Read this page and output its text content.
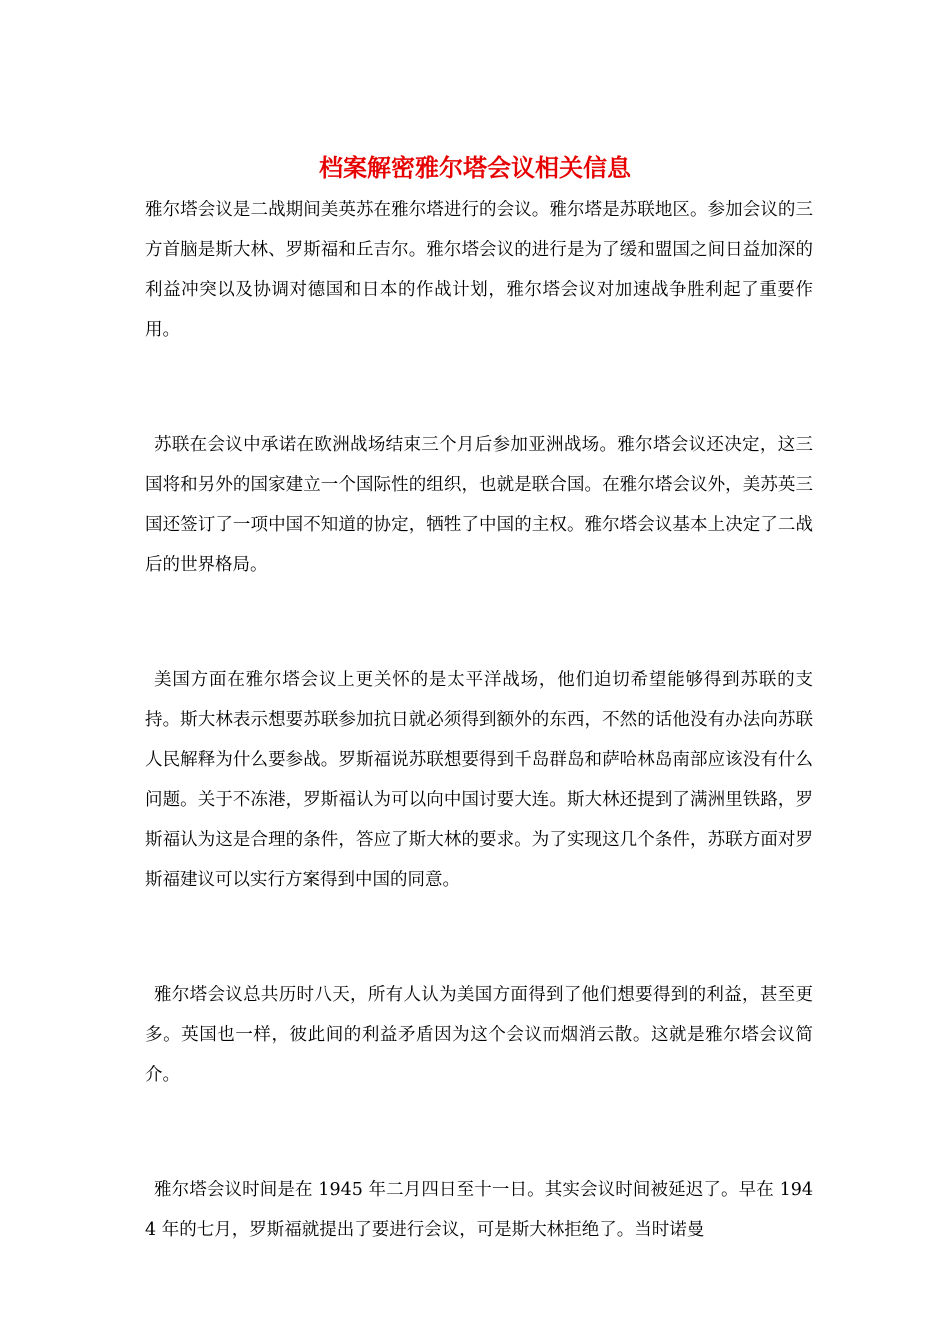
档案解密雅尔塔会议相关信息

雅尔塔会议是二战期间美英苏在雅尔塔进行的会议。雅尔塔是苏联地区。参加会议的三方首脑是斯大林、罗斯福和丘吉尔。雅尔塔会议的进行是为了缓和盟国之间日益加深的利益冲突以及协调对德国和日本的作战计划，雅尔塔会议对加速战争胜利起了重要作用。

苏联在会议中承诺在欧洲战场结束三个月后参加亚洲战场。雅尔塔会议还决定，这三国将和另外的国家建立一个国际性的组织，也就是联合国。在雅尔塔会议外，美苏英三国还签订了一项中国不知道的协定，牺牲了中国的主权。雅尔塔会议基本上决定了二战后的世界格局。

美国方面在雅尔塔会议上更关怀的是太平洋战场，他们迫切希望能够得到苏联的支持。斯大林表示想要苏联参加抗日就必须得到额外的东西，不然的话他没有办法向苏联人民解释为什么要参战。罗斯福说苏联想要得到千岛群岛和萨哈林岛南部应该没有什么问题。关于不冻港，罗斯福认为可以向中国讨要大连。斯大林还提到了满洲里铁路，罗斯福认为这是合理的条件，答应了斯大林的要求。为了实现这几个条件，苏联方面对罗斯福建议可以实行方案得到中国的同意。

雅尔塔会议总共历时八天，所有人认为美国方面得到了他们想要得到的利益，甚至更多。英国也一样，彼此间的利益矛盾因为这个会议而烟消云散。这就是雅尔塔会议简介。

雅尔塔会议时间是在 1945 年二月四日至十一日。其实会议时间被延迟了。早在 1944 年的七月，罗斯福就提出了要进行会议，可是斯大林拒绝了。当时诺曼
